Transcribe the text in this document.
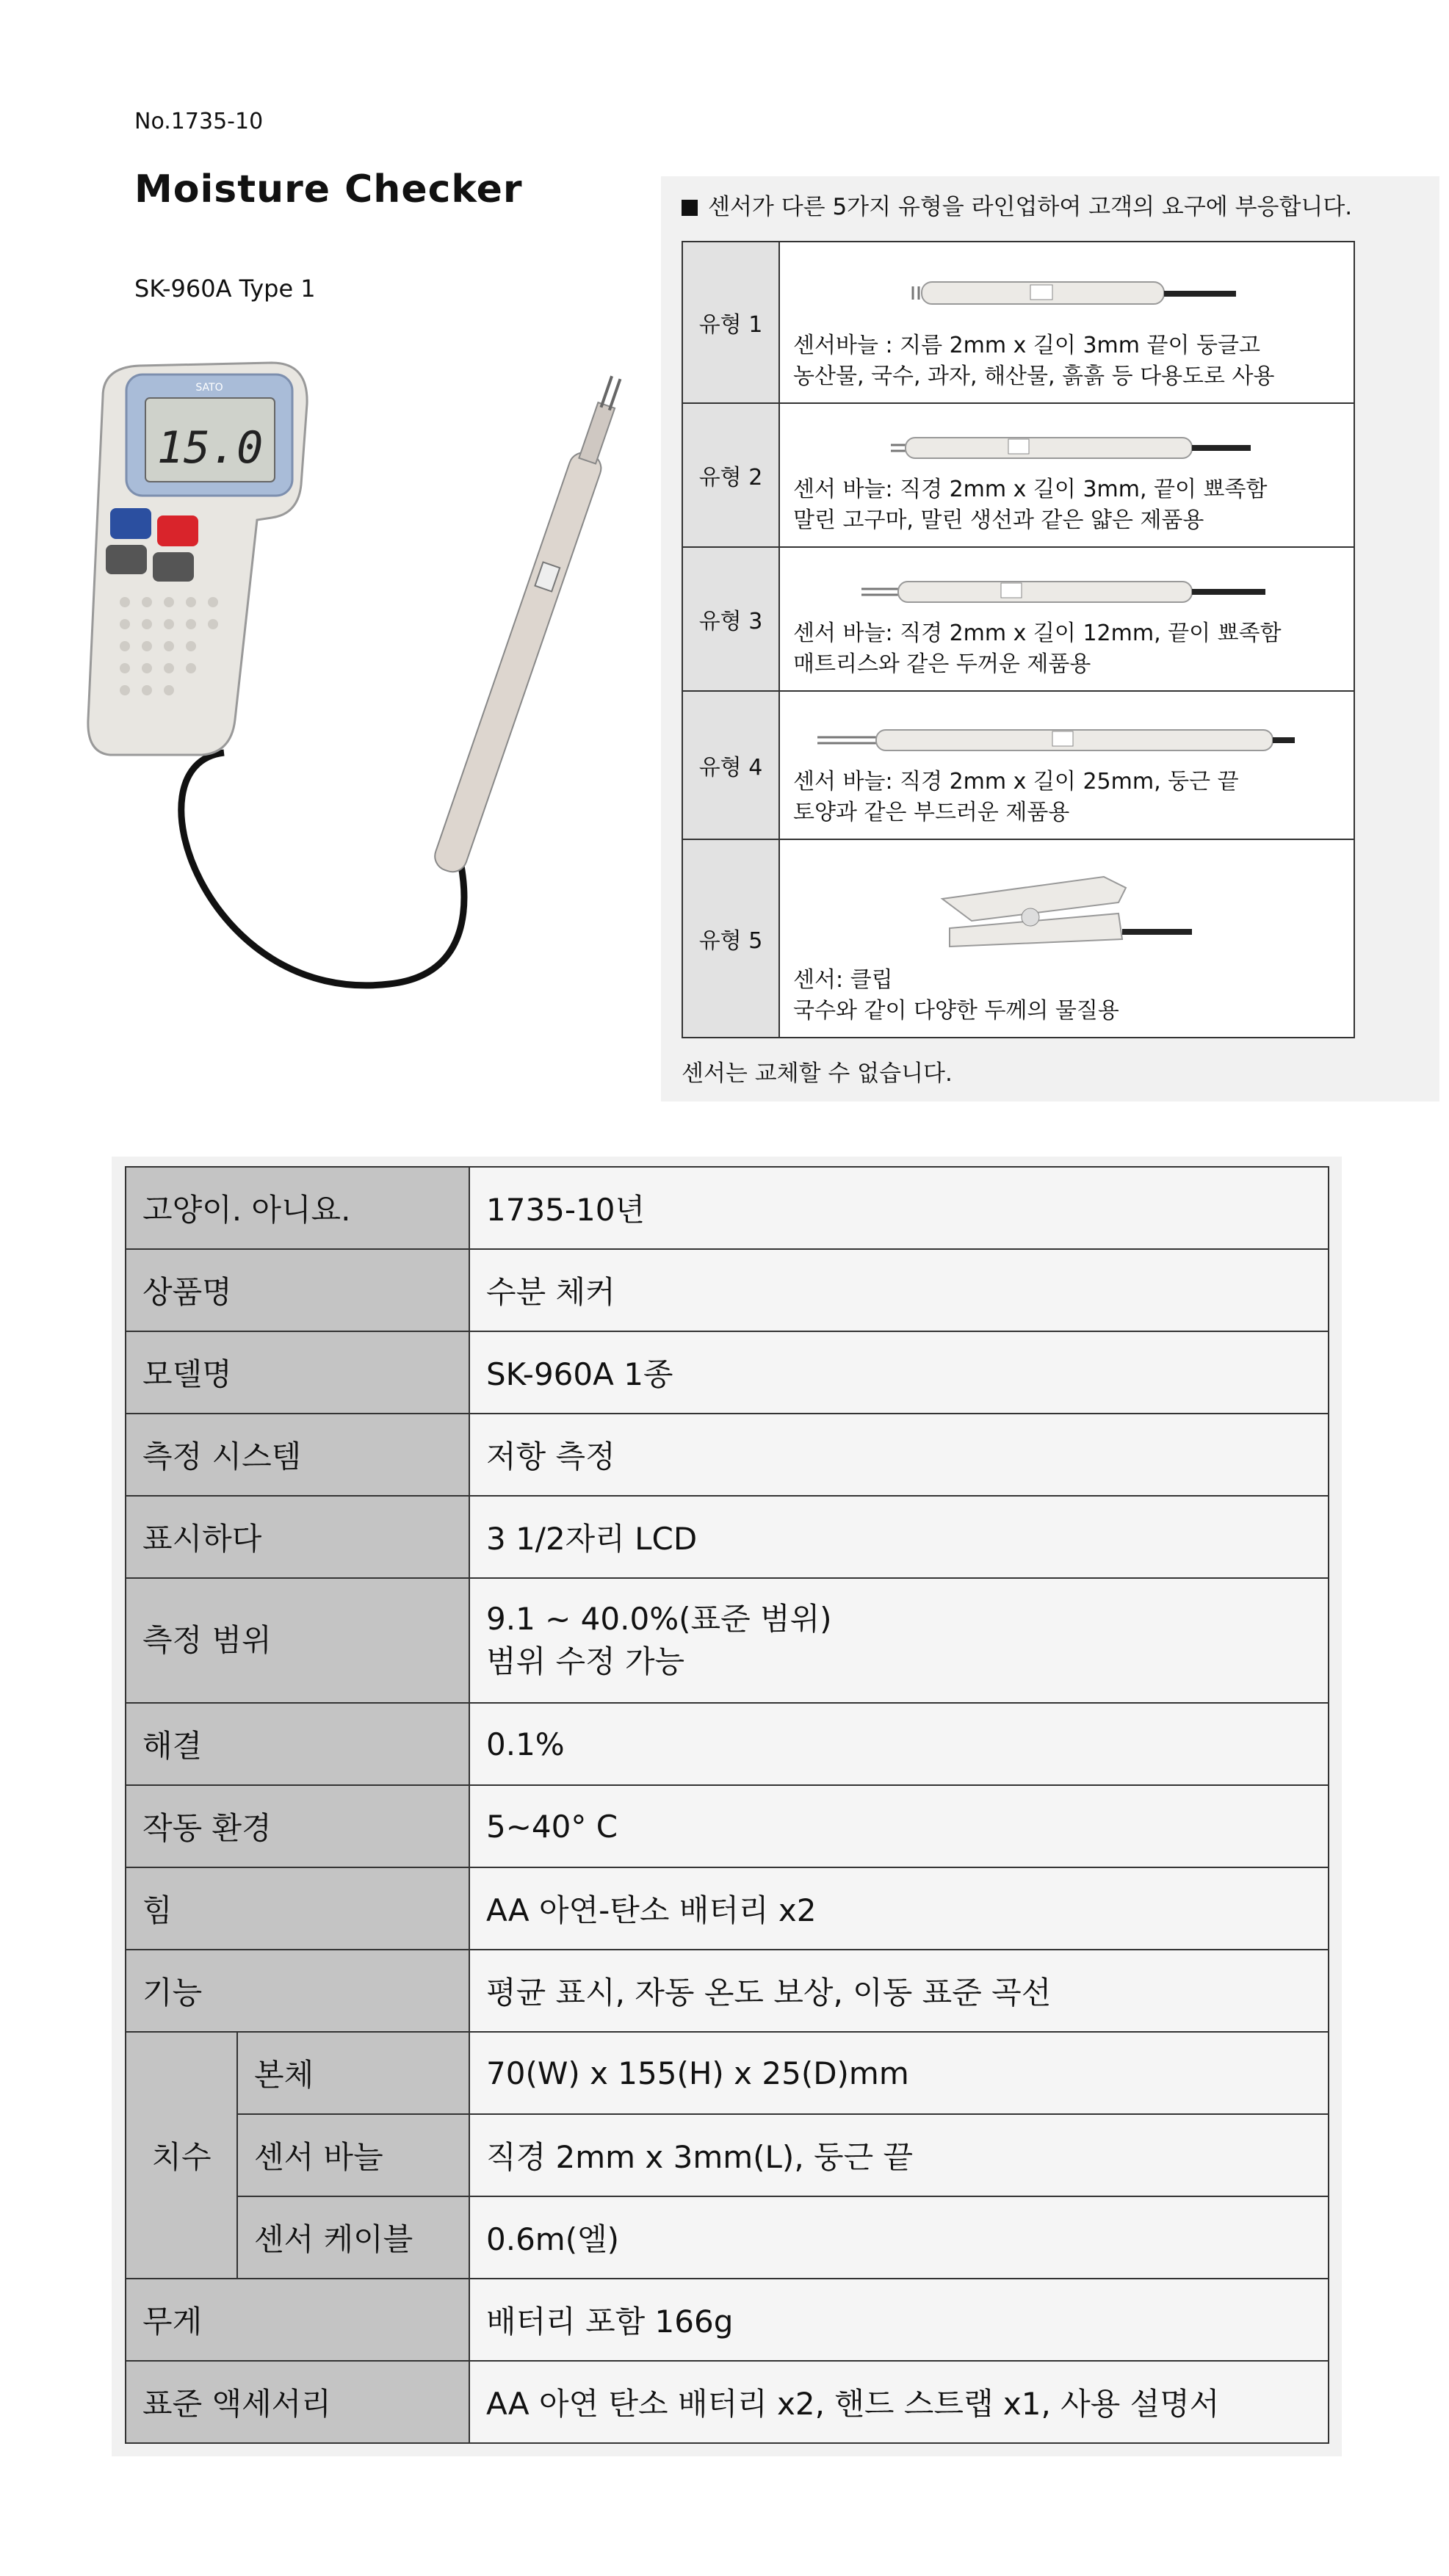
No.1735-10
Moisture Checker
SK-960A Type 1
SATO
15.0
센서가 다른 5가지 유형을 라인업하여 고객의 요구에 부응합니다.
유형 1	센서바늘 : 지름 2mm x 길이 3mm 끝이 둥글고
농산물, 국수, 과자, 해산물, 흙흙 등 다용도로 사용

유형 2	센서 바늘: 직경 2mm x 길이 3mm, 끝이 뾰족함
말린 고구마, 말린 생선과 같은 얇은 제품용

유형 3	센서 바늘: 직경 2mm x 길이 12mm, 끝이 뾰족함
매트리스와 같은 두꺼운 제품용

유형 4	센서 바늘: 직경 2mm x 길이 25mm, 둥근 끝
토양과 같은 부드러운 제품용

유형 5	센서: 클립
국수와 같이 다양한 두께의 물질용
센서는 교체할 수 없습니다.
고양이. 아니요.		1735-10년
상품명		수분 체커
모델명		SK-960A 1종
측정 시스템		저항 측정
표시하다		3 1/2자리 LCD
측정 범위		9.1 ~ 40.0%(표준 범위)
범위 수정 가능

해결		0.1%
작동 환경		5~40° C
힘		AA 아연-탄소 배터리 x2
기능		평균 표시, 자동 온도 보상, 이동 표준 곡선
치수	본체	70(W) x 155(H) x 25(D)mm
	센서 바늘	직경 2mm x 3mm(L), 둥근 끝
	센서 케이블	0.6m(엘)
무게		배터리 포함 166g
표준 액세서리		AA 아연 탄소 배터리 x2, 핸드 스트랩 x1, 사용 설명서
